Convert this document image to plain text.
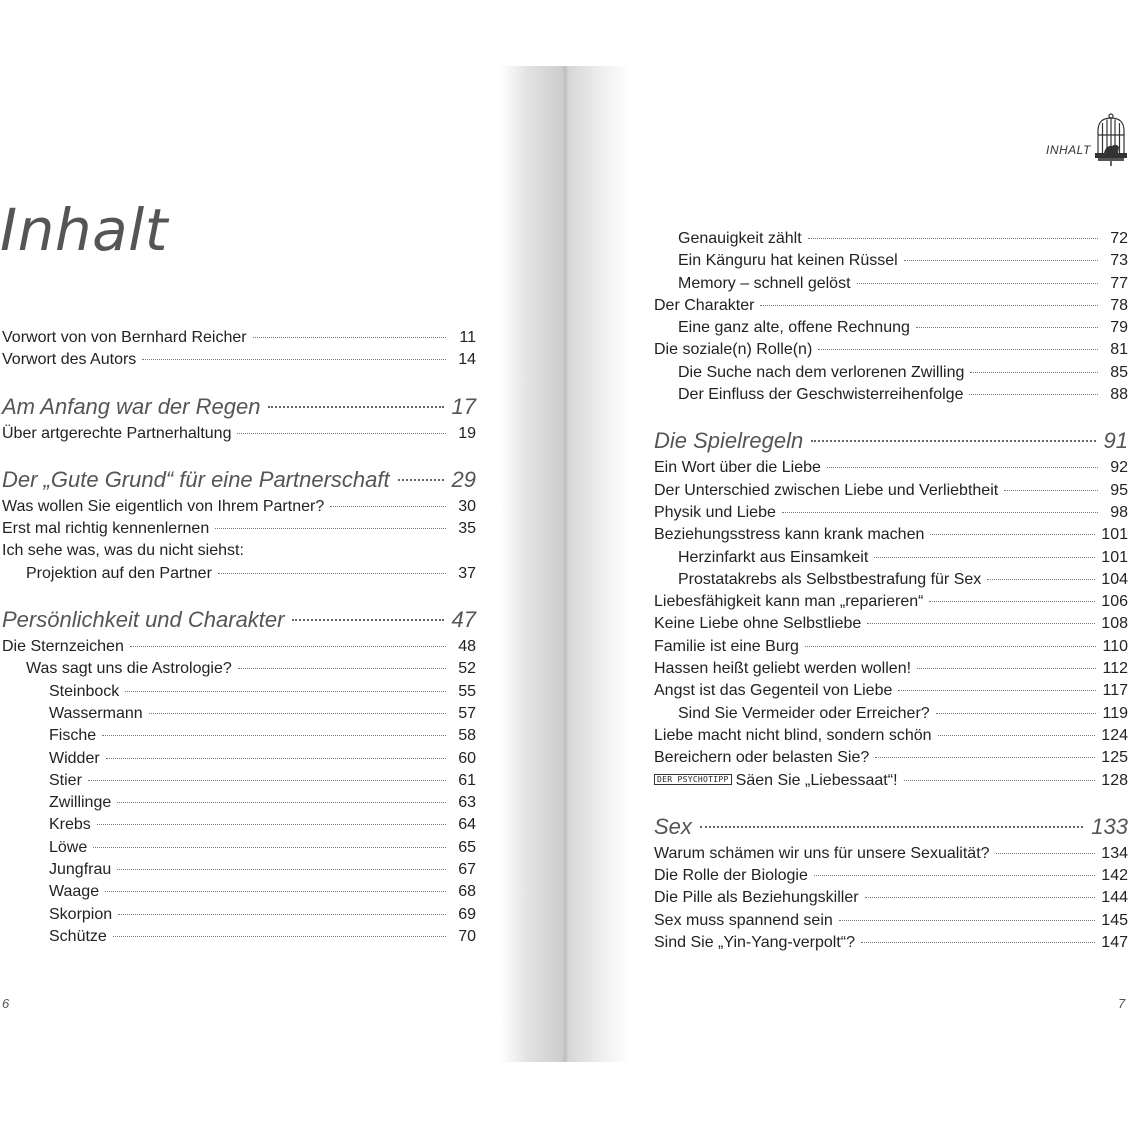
Inhalt
INHALT
Vorwort von von Bernhard Reicher	11
Vorwort des Autors	14
Am Anfang war der Regen	17
Über artgerechte Partnerhaltung	19
Der „Gute Grund“ für eine Partnerschaft	29
Was wollen Sie eigentlich von Ihrem Partner?	30
Erst mal richtig kennenlernen	35
Ich sehe was, was du nicht siehst:
Projektion auf den Partner	37
Persönlichkeit und Charakter	47
Die Sternzeichen	48
Was sagt uns die Astrologie?	52
Steinbock	55
Wassermann	57
Fische	58
Widder	60
Stier	61
Zwillinge	63
Krebs	64
Löwe	65
Jungfrau	67
Waage	68
Skorpion	69
Schütze	70
Genauigkeit zählt	72
Ein Känguru hat keinen Rüssel	73
Memory – schnell gelöst	77
Der Charakter	78
Eine ganz alte, offene Rechnung	79
Die soziale(n) Rolle(n)	81
Die Suche nach dem verlorenen Zwilling	85
Der Einfluss der Geschwisterreihenfolge	88
Die Spielregeln	91
Ein Wort über die Liebe	92
Der Unterschied zwischen Liebe und Verliebtheit	95
Physik und Liebe	98
Beziehungsstress kann krank machen	101
Herzinfarkt aus Einsamkeit	101
Prostatakrebs als Selbstbestrafung für Sex	104
Liebesfähigkeit kann man „reparieren“	106
Keine Liebe ohne Selbstliebe	108
Familie ist eine Burg	110
Hassen heißt geliebt werden wollen!	112
Angst ist das Gegenteil von Liebe	117
Sind Sie Vermeider oder Erreicher?	119
Liebe macht nicht blind, sondern schön	124
Bereichern oder belasten Sie?	125
DER PSYCHOTIPP Säen Sie „Liebessaat“!	128
Sex	133
Warum schämen wir uns für unsere Sexualität?	134
Die Rolle der Biologie	142
Die Pille als Beziehungskiller	144
Sex muss spannend sein	145
Sind Sie „Yin-Yang-verpolt“?	147
6	7
